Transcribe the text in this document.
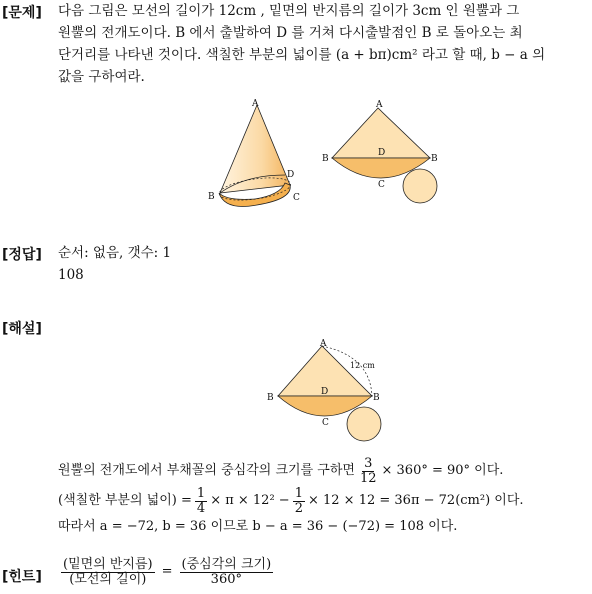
[문제] 다음 그림은 모선의 길이가 12cm , 밑면의 반지름의 길이가 3cm 인 원뿔과 그
원뿔의 전개도이다. B 에서 출발하여 D 를 거쳐 다시출발점인 B 로 돌아오는 최
단거리를 나타낸 것이다. 색칠한 부분의 넓이를 (a + bπ)cm² 라고 할 때, b − a 의
값을 구하여라.
A
B	C
D
A
B	B
D
C
[정답] 순서: 없음, 갯수: 1
108
[해설]
A
B	B
D
C
12 cm
원뿔의 전개도에서 부채꼴의 중심각의 크기를 구하면 $\frac{3}{12} \times 360^\circ = 90^\circ$ 이다.
(색칠한 부분의 넓이) = $\frac{1}{4} \times \pi \times 12^2 - \frac{1}{2} \times 12 \times 12 = 36\pi - 72(cm^2)$ 이다.
따라서 a = −72, b = 36 이므로 b − a = 36 − (−72) = 108 이다.
[힌트] $\frac{\text{(밑면의 반지름)}}{\text{(모선의 길이)}} = \frac{\text{(중심각의 크기)}}{360^\circ}$
